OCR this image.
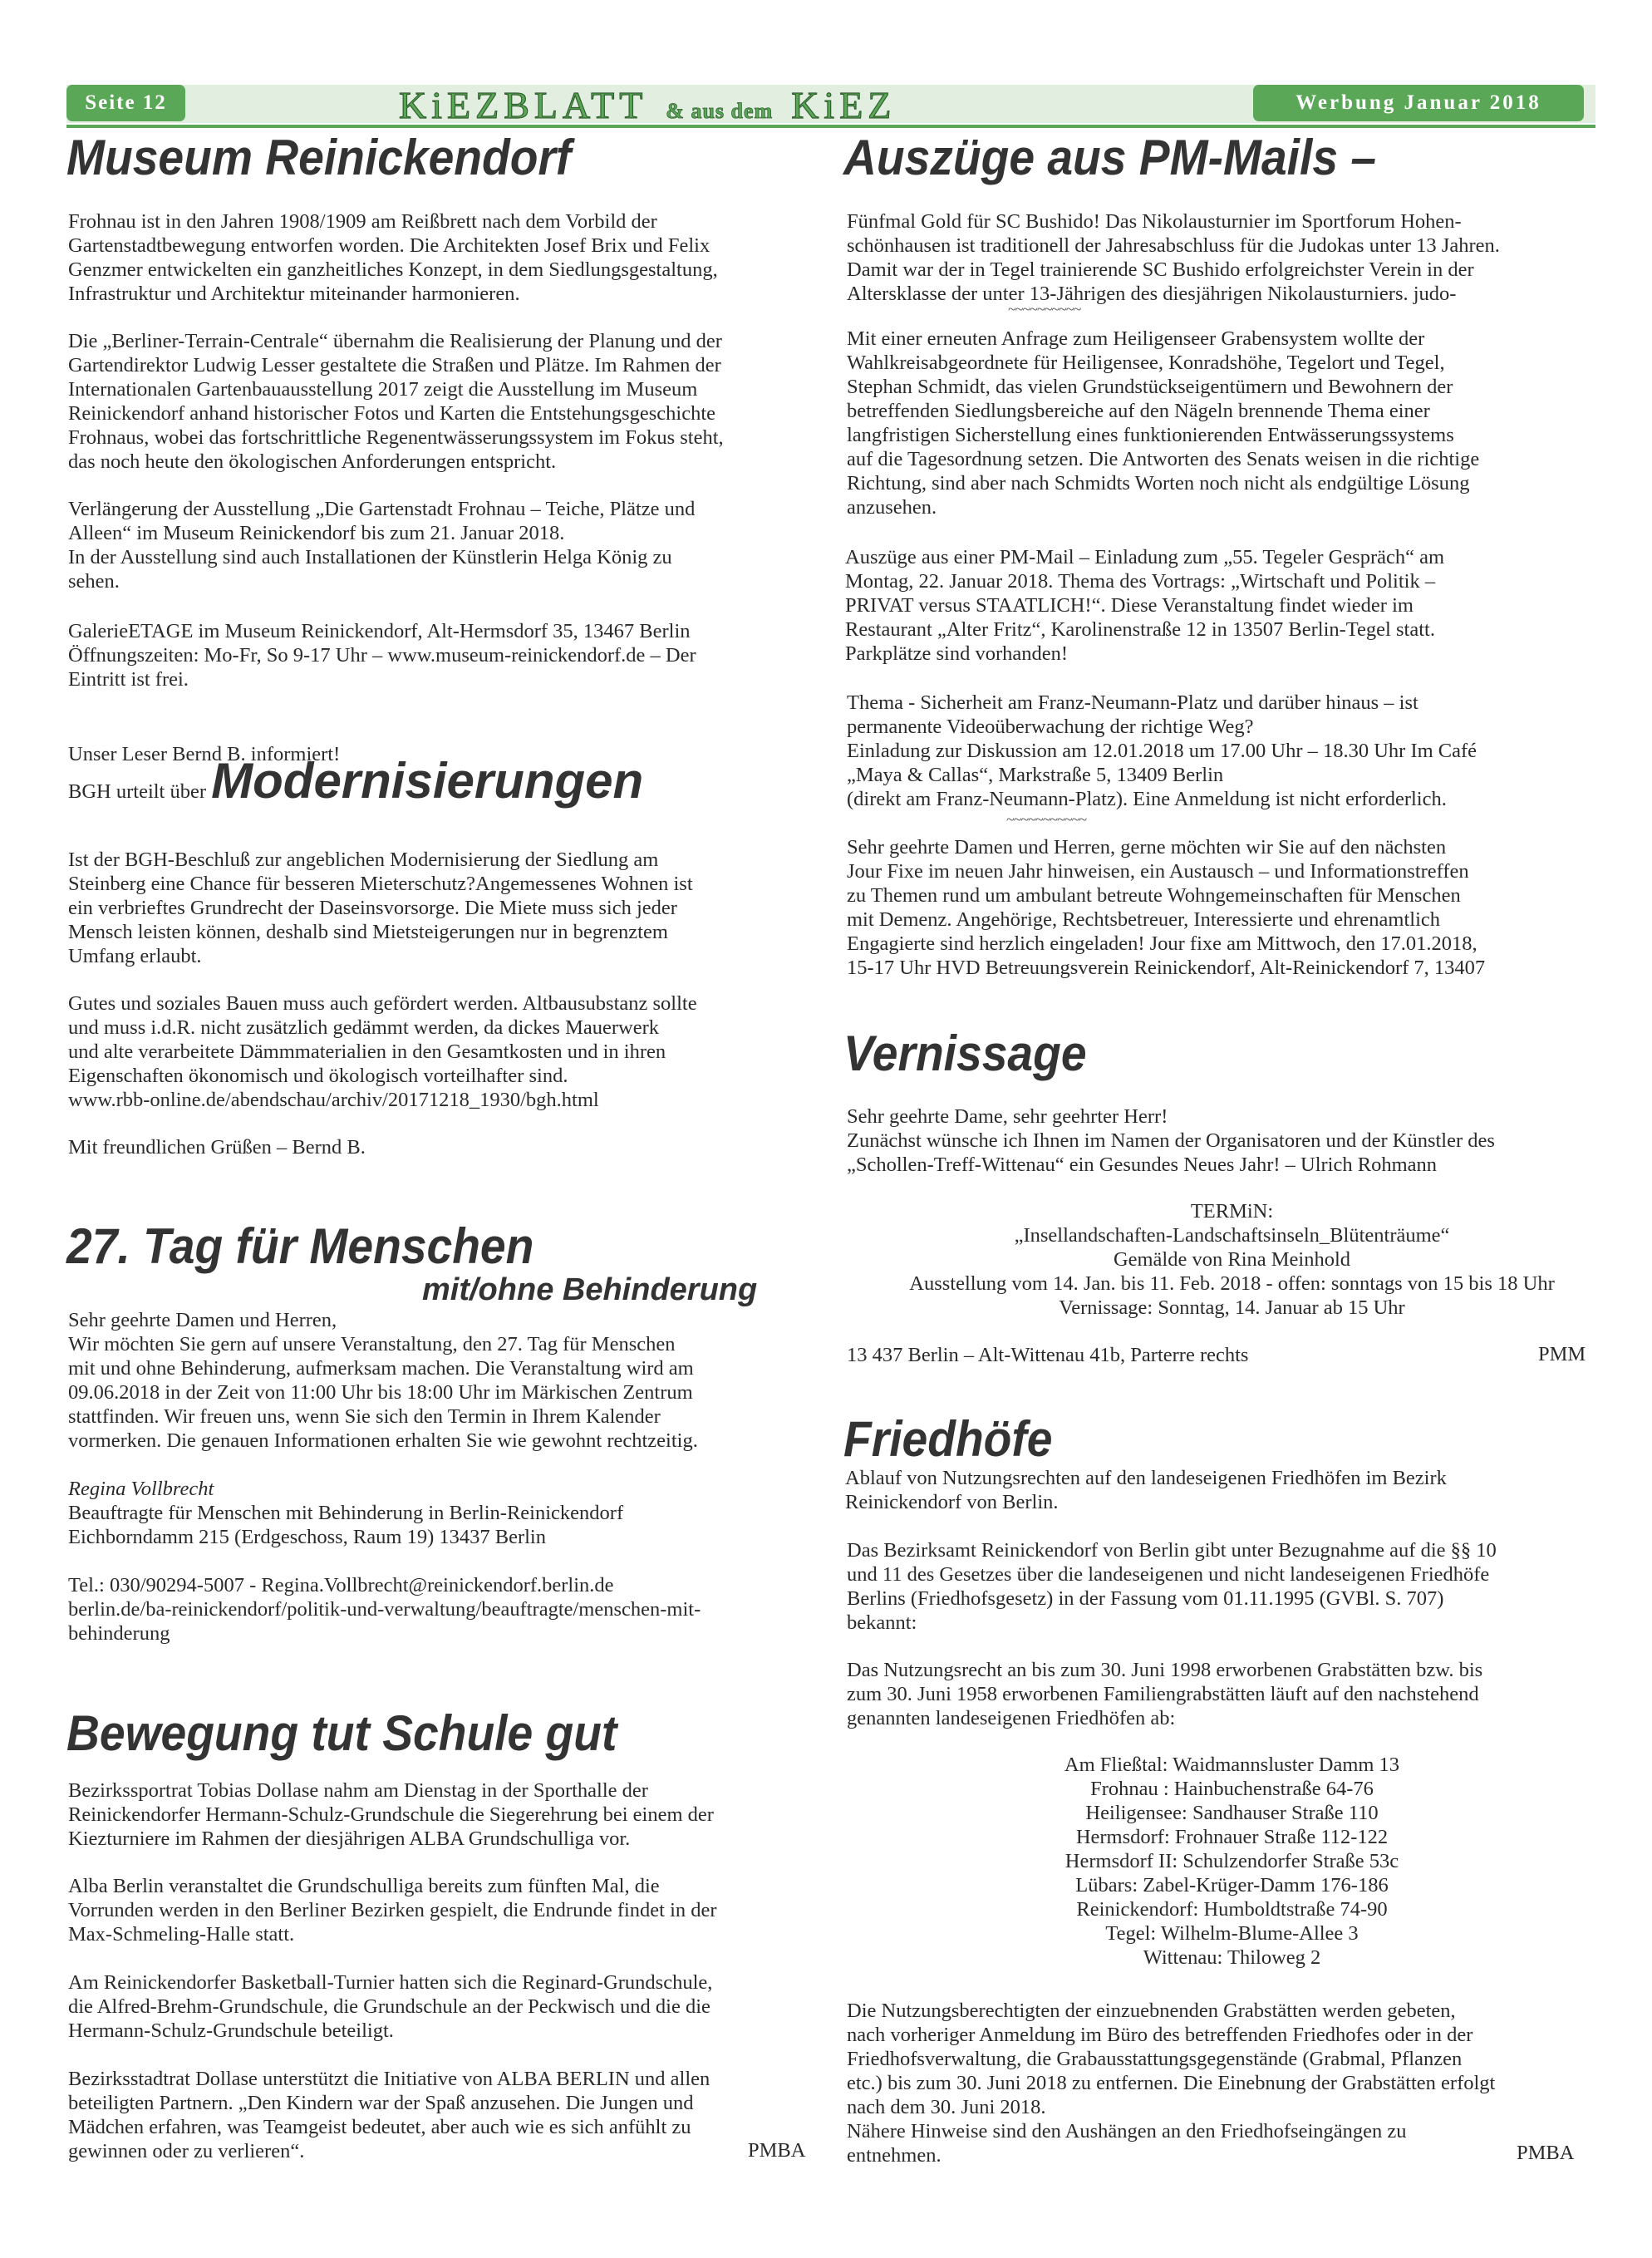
Seite 12	KiEZBLATT & aus dem KiEZ	Werbung Januar 2018
Museum Reinickendorf
Frohnau ist in den Jahren 1908/1909 am Reißbrett nach dem Vorbild der
Gartenstadtbewegung entworfen worden. Die Architekten Josef Brix und Felix
Genzmer entwickelten ein ganzheitliches Konzept, in dem Siedlungsgestaltung,
Infrastruktur und Architektur miteinander harmonieren.
Die „Berliner-Terrain-Centrale“ übernahm die Realisierung der Planung und der
Gartendirektor Ludwig Lesser gestaltete die Straßen und Plätze. Im Rahmen der
Internationalen Gartenbauausstellung 2017 zeigt die Ausstellung im Museum
Reinickendorf anhand historischer Fotos und Karten die Entstehungsgeschichte
Frohnaus, wobei das fortschrittliche Regenentwässerungssystem im Fokus steht,
das noch heute den ökologischen Anforderungen entspricht.
Verlängerung der Ausstellung „Die Gartenstadt Frohnau – Teiche, Plätze und
Alleen“ im Museum Reinickendorf bis zum 21. Januar 2018.
In der Ausstellung sind auch Installationen der Künstlerin Helga König zu
sehen.
GalerieETAGE im Museum Reinickendorf, Alt-Hermsdorf 35, 13467 Berlin
Öffnungszeiten: Mo-Fr, So 9-17 Uhr – www.museum-reinickendorf.de – Der
Eintritt ist frei.
Unser Leser Bernd B. informiert!
BGH urteilt über Modernisierungen
Ist der BGH-Beschluß zur angeblichen Modernisierung der Siedlung am
Steinberg eine Chance für besseren Mieterschutz?Angemessenes Wohnen ist
ein verbrieftes Grundrecht der Daseinsvorsorge. Die Miete muss sich jeder
Mensch leisten können, deshalb sind Mietsteigerungen nur in begrenztem
Umfang erlaubt.
Gutes und soziales Bauen muss auch gefördert werden. Altbausubstanz sollte
und muss i.d.R. nicht zusätzlich gedämmt werden, da dickes Mauerwerk
und alte verarbeitete Dämmmaterialien in den Gesamtkosten und in ihren
Eigenschaften ökonomisch und ökologisch vorteilhafter sind.
www.rbb-online.de/abendschau/archiv/20171218_1930/bgh.html
Mit freundlichen Grüßen – Bernd B.
27. Tag für Menschen
mit/ohne Behinderung
Sehr geehrte Damen und Herren,
Wir möchten Sie gern auf unsere Veranstaltung, den 27. Tag für Menschen
mit und ohne Behinderung, aufmerksam machen. Die Veranstaltung wird am
09.06.2018 in der Zeit von 11:00 Uhr bis 18:00 Uhr im Märkischen Zentrum
stattfinden. Wir freuen uns, wenn Sie sich den Termin in Ihrem Kalender
vormerken. Die genauen Informationen erhalten Sie wie gewohnt rechtzeitig.
Regina Vollbrecht
Beauftragte für Menschen mit Behinderung in Berlin-Reinickendorf
Eichborndamm 215 (Erdgeschoss, Raum 19) 13437 Berlin
Tel.: 030/90294-5007 - Regina.Vollbrecht@reinickendorf.berlin.de
berlin.de/ba-reinickendorf/politik-und-verwaltung/beauftragte/menschen-mit-
behinderung
Bewegung tut Schule gut
Bezirkssportrat Tobias Dollase nahm am Dienstag in der Sporthalle der
Reinickendorfer Hermann-Schulz-Grundschule die Siegerehrung bei einem der
Kiezturniere im Rahmen der diesjährigen ALBA Grundschulliga vor.
Alba Berlin veranstaltet die Grundschulliga bereits zum fünften Mal, die
Vorrunden werden in den Berliner Bezirken gespielt, die Endrunde findet in der
Max-Schmeling-Halle statt.
Am Reinickendorfer Basketball-Turnier hatten sich die Reginard-Grundschule,
die Alfred-Brehm-Grundschule, die Grundschule an der Peckwisch und die die
Hermann-Schulz-Grundschule beteiligt.
Bezirksstadtrat Dollase unterstützt die Initiative von ALBA BERLIN und allen
beteiligten Partnern. „Den Kindern war der Spaß anzusehen. Die Jungen und
Mädchen erfahren, was Teamgeist bedeutet, aber auch wie es sich anfühlt zu
gewinnen oder zu verlieren“.	PMBA
Auszüge aus PM-Mails –
Fünfmal Gold für SC Bushido! Das Nikolausturnier im Sportforum Hohen-
schönhausen ist traditionell der Jahresabschluss für die Judokas unter 13 Jahren.
Damit war der in Tegel trainierende SC Bushido erfolgreichster Verein in der
Altersklasse der unter 13-Jährigen des diesjährigen Nikolausturniers. judo-
~~~~~~~~~~
Mit einer erneuten Anfrage zum Heiligenseer Grabensystem wollte der
Wahlkreisabgeordnete für Heiligensee, Konradshöhe, Tegelort und Tegel,
Stephan Schmidt, das vielen Grundstückseigentümern und Bewohnern der
betreffenden Siedlungsbereiche auf den Nägeln brennende Thema einer
langfristigen Sicherstellung eines funktionierenden Entwässerungssystems
auf die Tagesordnung setzen. Die Antworten des Senats weisen in die richtige
Richtung, sind aber nach Schmidts Worten noch nicht als endgültige Lösung
anzusehen.
Auszüge aus einer PM-Mail – Einladung zum „55. Tegeler Gespräch“ am
Montag, 22. Januar 2018. Thema des Vortrags: „Wirtschaft und Politik –
PRIVAT versus STAATLICH!“. Diese Veranstaltung findet wieder im
Restaurant „Alter Fritz“, Karolinenstraße 12 in 13507 Berlin-Tegel statt.
Parkplätze sind vorhanden!
Thema - Sicherheit am Franz-Neumann-Platz und darüber hinaus – ist
permanente Videoüberwachung der richtige Weg?
Einladung zur Diskussion am 12.01.2018 um 17.00 Uhr – 18.30 Uhr Im Café
„Maya & Callas“, Markstraße 5, 13409 Berlin
(direkt am Franz-Neumann-Platz). Eine Anmeldung ist nicht erforderlich.
~~~~~~~~~~~
Sehr geehrte Damen und Herren, gerne möchten wir Sie auf den nächsten
Jour Fixe im neuen Jahr hinweisen, ein Austausch – und Informationstreffen
zu Themen rund um ambulant betreute Wohngemeinschaften für Menschen
mit Demenz. Angehörige, Rechtsbetreuer, Interessierte und ehrenamtlich
Engagierte sind herzlich eingeladen! Jour fixe am Mittwoch, den 17.01.2018,
15-17 Uhr HVD Betreuungsverein Reinickendorf, Alt-Reinickendorf 7, 13407
Vernissage
Sehr geehrte Dame, sehr geehrter Herr!
Zunächst wünsche ich Ihnen im Namen der Organisatoren und der Künstler des
„Schollen-Treff-Wittenau“ ein Gesundes Neues Jahr! – Ulrich Rohmann
TERMiN:
„Insellandschaften-Landschaftsinseln_Blütenträume“
Gemälde von Rina Meinhold
Ausstellung vom 14. Jan. bis 11. Feb. 2018 - offen: sonntags von 15 bis 18 Uhr
Vernissage: Sonntag, 14. Januar ab 15 Uhr
13 437 Berlin – Alt-Wittenau 41b, Parterre rechts	PMM
Friedhöfe
Ablauf von Nutzungsrechten auf den landeseigenen Friedhöfen im Bezirk
Reinickendorf von Berlin.
Das Bezirksamt Reinickendorf von Berlin gibt unter Bezugnahme auf die §§ 10
und 11 des Gesetzes über die landeseigenen und nicht landeseigenen Friedhöfe
Berlins (Friedhofsgesetz) in der Fassung vom 01.11.1995 (GVBl. S. 707)
bekannt:
Das Nutzungsrecht an bis zum 30. Juni 1998 erworbenen Grabstätten bzw. bis
zum 30. Juni 1958 erworbenen Familiengrabstätten läuft auf den nachstehend
genannten landeseigenen Friedhöfen ab:
Am Fließtal: Waidmannsluster Damm 13
Frohnau : Hainbuchenstraße 64-76
Heiligensee: Sandhauser Straße 110
Hermsdorf: Frohnauer Straße 112-122
Hermsdorf II: Schulzendorfer Straße 53c
Lübars: Zabel-Krüger-Damm 176-186
Reinickendorf: Humboldtstraße 74-90
Tegel: Wilhelm-Blume-Allee 3
Wittenau: Thiloweg 2
Die Nutzungsberechtigten der einzuebnenden Grabstätten werden gebeten,
nach vorheriger Anmeldung im Büro des betreffenden Friedhofes oder in der
Friedhofsverwaltung, die Grabausstattungsgegenstände (Grabmal, Pflanzen
etc.) bis zum 30. Juni 2018 zu entfernen. Die Einebnung der Grabstätten erfolgt
nach dem 30. Juni 2018.
Nähere Hinweise sind den Aushängen an den Friedhofseingängen zu
entnehmen.	PMBA
